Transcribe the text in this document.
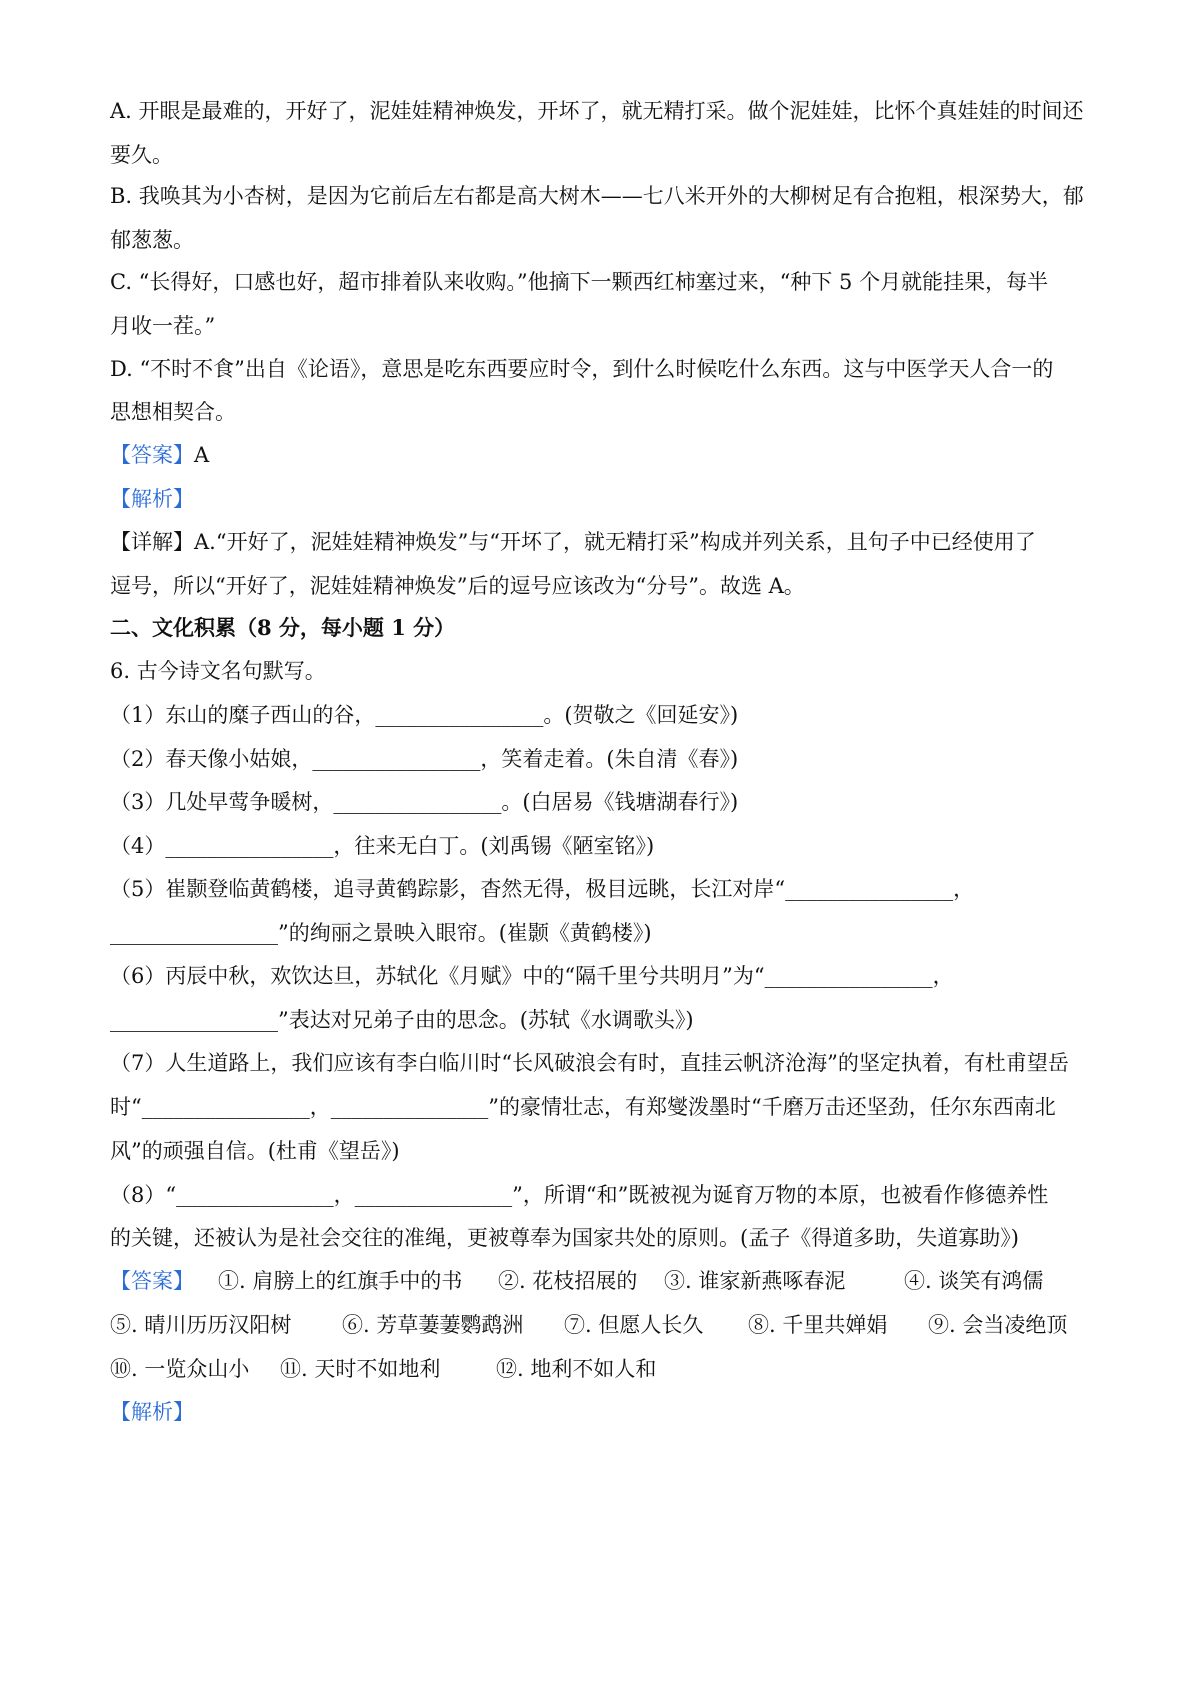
A. 开眼是最难的，开好了，泥娃娃精神焕发，开坏了，就无精打采。做个泥娃娃，比怀个真娃娃的时间还
要久。
B. 我唤其为小杏树，是因为它前后左右都是高大树木——七八米开外的大柳树足有合抱粗，根深势大，郁
郁葱葱。
C. “长得好，口感也好，超市排着队来收购。”他摘下一颗西红柿塞过来，“种下 5 个月就能挂果，每半
月收一茬。”
D. “不时不食”出自《论语》，意思是吃东西要应时令，到什么时候吃什么东西。这与中医学天人合一的
思想相契合。
【答案】A
【解析】
【详解】A.“开好了，泥娃娃精神焕发”与“开坏了，就无精打采”构成并列关系，且句子中已经使用了
逗号，所以“开好了，泥娃娃精神焕发”后的逗号应该改为“分号”。故选 A。
二、文化积累（8 分，每小题 1 分）
6. 古今诗文名句默写。
（1）东山的糜子西山的谷，________________。(贺敬之《回延安》)
（2）春天像小姑娘，________________，笑着走着。(朱自清《春》)
（3）几处早莺争暖树，________________。(白居易《钱塘湖春行》)
（4）________________，往来无白丁。(刘禹锡《陋室铭》)
（5）崔颢登临黄鹤楼，追寻黄鹤踪影，杳然无得，极目远眺，长江对岸“________________，
________________”的绚丽之景映入眼帘。(崔颢《黄鹤楼》)
（6）丙辰中秋，欢饮达旦，苏轼化《月赋》中的“隔千里兮共明月”为“________________，
________________”表达对兄弟子由的思念。(苏轼《水调歌头》)
（7）人生道路上，我们应该有李白临川时“长风破浪会有时，直挂云帆济沧海”的坚定执着，有杜甫望岳
时“________________，_______________”的豪情壮志，有郑燮泼墨时“千磨万击还坚劲，任尔东西南北
风”的顽强自信。(杜甫《望岳》)
（8）“_______________，_______________”，所谓“和”既被视为诞育万物的本原，也被看作修德养性
的关键，还被认为是社会交往的准绳，更被尊奉为国家共处的原则。(孟子《得道多助，失道寡助》)
【答案】 ①. 肩膀上的红旗手中的书 ②. 花枝招展的 ③. 谁家新燕啄春泥	④. 谈笑有鸿儒
⑤. 晴川历历汉阳树 ⑥. 芳草萋萋鹦鹉洲 ⑦. 但愿人长久 ⑧. 千里共婵娟 ⑨. 会当凌绝顶
⑩. 一览众山小 ⑪. 天时不如地利	⑫. 地利不如人和
【解析】
